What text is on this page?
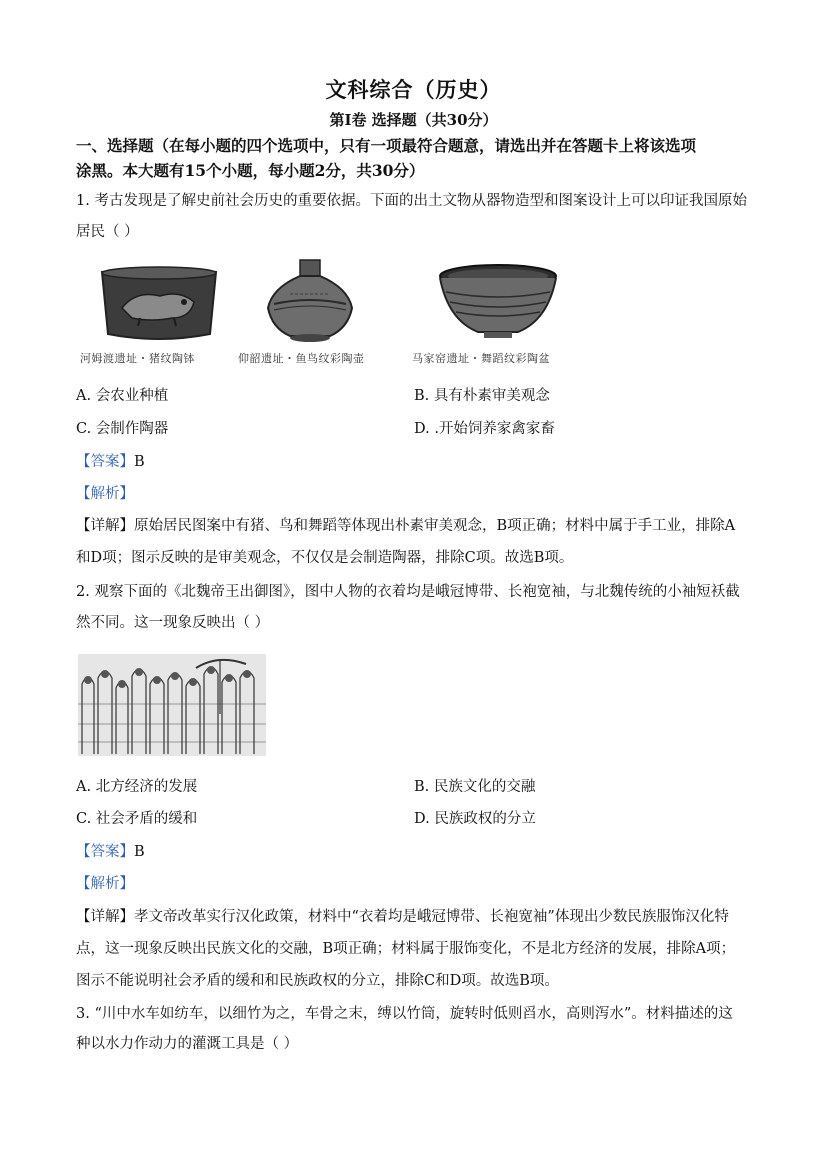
文科综合（历史）
第I卷 选择题（共30分）
一、选择题（在每小题的四个选项中，只有一项最符合题意，请选出并在答题卡上将该选项
涂黑。本大题有15个小题，每小题2分，共30分）
1. 考古发现是了解史前社会历史的重要依据。下面的出土文物从器物造型和图案设计上可以印证我国原始
居民（ ）
河姆渡遗址・猪纹陶钵	仰韶遗址・鱼鸟纹彩陶壶	马家窑遗址・舞蹈纹彩陶盆
A. 会农业种植	B. 具有朴素审美观念
C. 会制作陶器	D. .开始饲养家禽家畜
【答案】B
【解析】
【详解】原始居民图案中有猪、鸟和舞蹈等体现出朴素审美观念，B项正确；材料中属于手工业，排除A
和D项；图示反映的是审美观念，不仅仅是会制造陶器，排除C项。故选B项。
2. 观察下面的《北魏帝王出御图》，图中人物的衣着均是峨冠博带、长袍宽袖，与北魏传统的小袖短袄截
然不同。这一现象反映出（ ）
A. 北方经济的发展	B. 民族文化的交融
C. 社会矛盾的缓和	D. 民族政权的分立
【答案】B
【解析】
【详解】孝文帝改革实行汉化政策，材料中“衣着均是峨冠博带、长袍宽袖”体现出少数民族服饰汉化特
点，这一现象反映出民族文化的交融，B项正确；材料属于服饰变化，不是北方经济的发展，排除A项；
图示不能说明社会矛盾的缓和和民族政权的分立，排除C和D项。故选B项。
3. “川中水车如纺车，以细竹为之，车骨之末，缚以竹筒，旋转时低则舀水，高则泻水”。材料描述的这
种以水力作动力的灌溉工具是（ ）
